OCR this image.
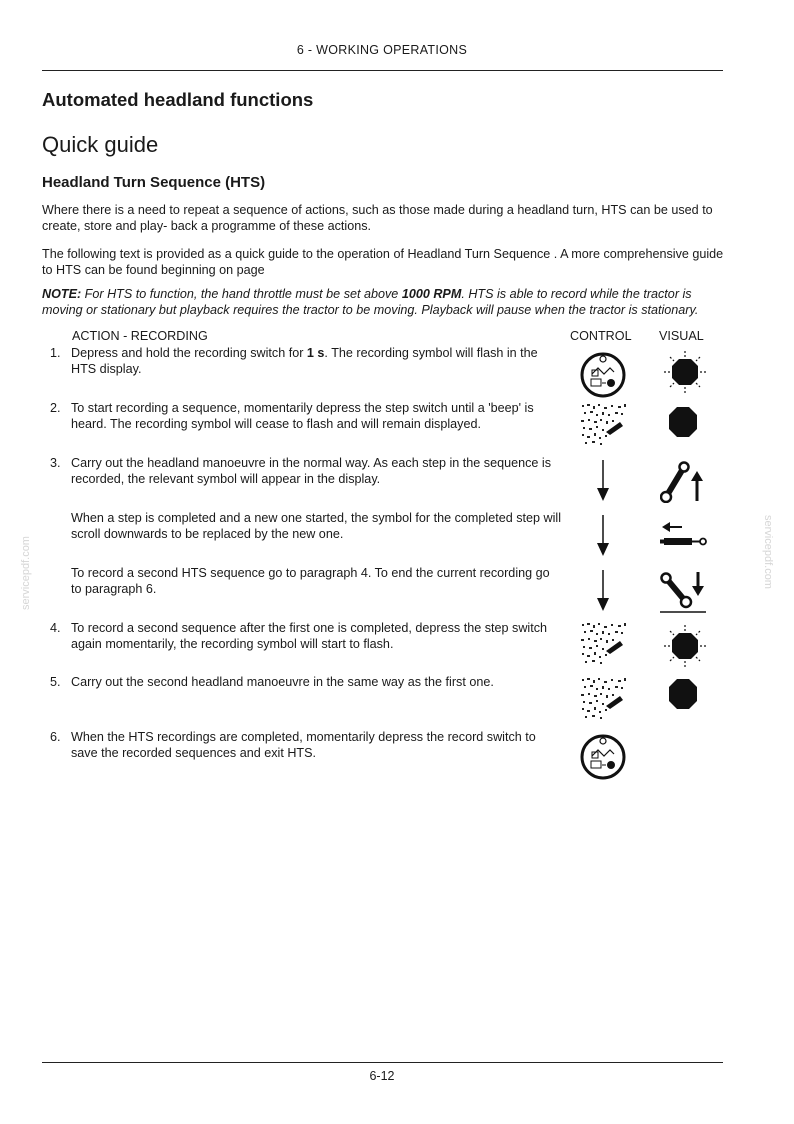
6 - WORKING OPERATIONS
Automated headland functions
Quick guide
Headland Turn Sequence (HTS)
Where there is a need to repeat a sequence of actions, such as those made during a headland turn, HTS can be used to create, store and play- back a programme of these actions.
The following text is provided as a quick guide to the operation of Headland Turn Sequence . A more comprehensive guide to HTS can be found beginning on page
NOTE: For HTS to function, the hand throttle must be set above 1000 RPM. HTS is able to record while the tractor is moving or stationary but playback requires the tractor to be moving. Playback will pause when the tractor is stationary.
ACTION - RECORDING	CONTROL VISUAL
1. Depress and hold the recording switch for 1 s. The recording symbol will flash in the HTS display.
2. To start recording a sequence, momentarily depress the step switch until a 'beep' is heard. The recording symbol will cease to flash and will remain displayed.
3. Carry out the headland manoeuvre in the normal way. As each step in the sequence is recorded, the relevant symbol will appear in the display.
When a step is completed and a new one started, the symbol for the completed step will scroll downwards to be replaced by the new one.
To record a second HTS sequence go to paragraph 4. To end the current recording go to paragraph 6.
4. To record a second sequence after the first one is completed, depress the step switch again momentarily, the recording symbol will start to flash.
5. Carry out the second headland manoeuvre in the same way as the first one.
6. When the HTS recordings are completed, momentarily depress the record switch to save the recorded sequences and exit HTS.
servicepdf.com	servicepdf.com
6-12
